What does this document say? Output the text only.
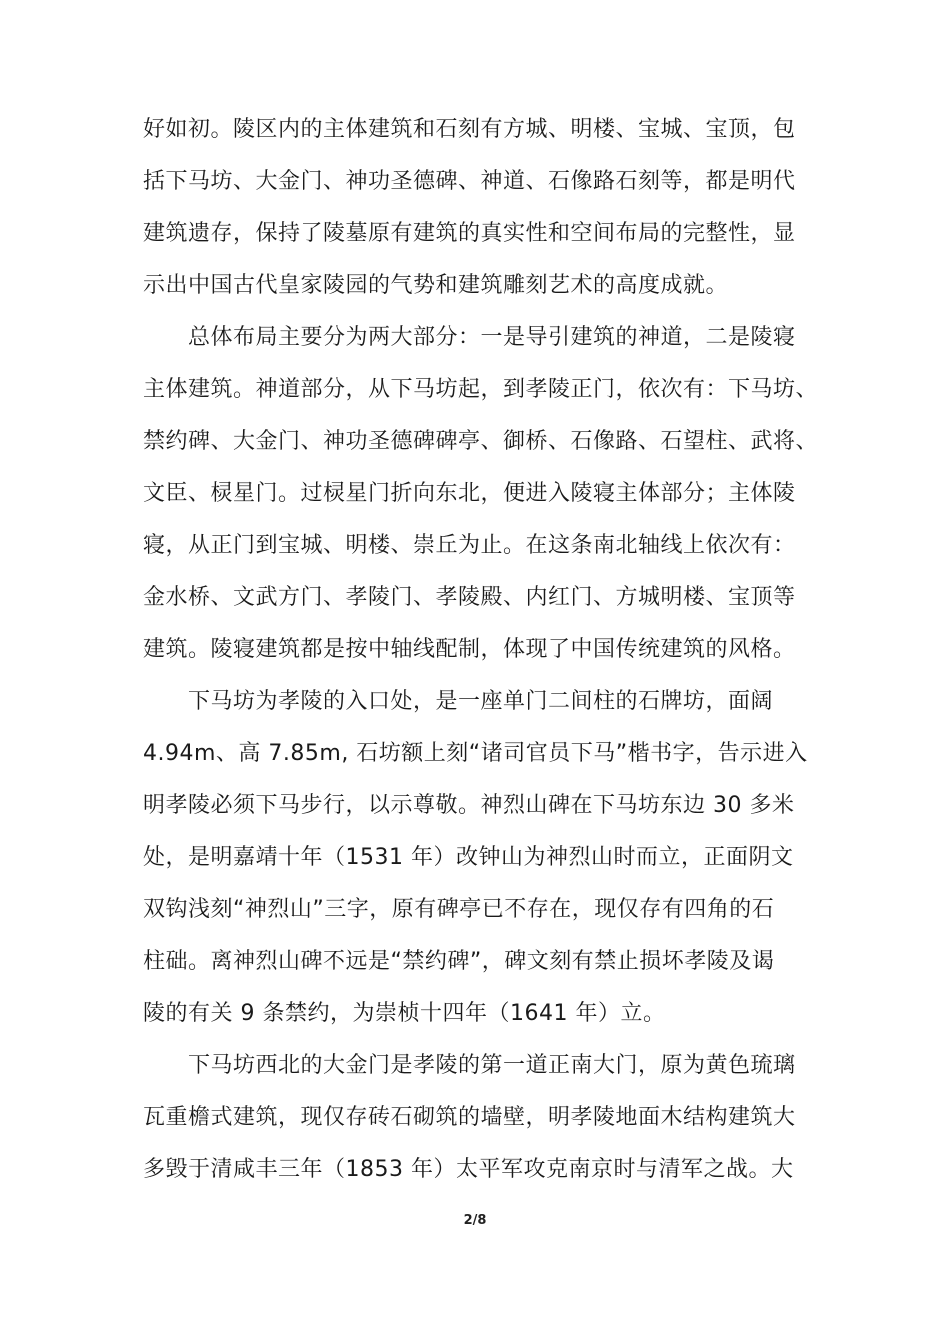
好如初。陵区内的主体建筑和石刻有方城、明楼、宝城、宝顶，包
括下马坊、大金门、神功圣德碑、神道、石像路石刻等，都是明代
建筑遗存，保持了陵墓原有建筑的真实性和空间布局的完整性，显
示出中国古代皇家陵园的气势和建筑雕刻艺术的高度成就。
总体布局主要分为两大部分：一是导引建筑的神道，二是陵寝
主体建筑。神道部分，从下马坊起，到孝陵正门，依次有：下马坊、
禁约碑、大金门、神功圣德碑碑亭、御桥、石像路、石望柱、武将、
文臣、棂星门。过棂星门折向东北，便进入陵寝主体部分；主体陵
寝，从正门到宝城、明楼、崇丘为止。在这条南北轴线上依次有：
金水桥、文武方门、孝陵门、孝陵殿、内红门、方城明楼、宝顶等
建筑。陵寝建筑都是按中轴线配制，体现了中国传统建筑的风格。
下马坊为孝陵的入口处，是一座单门二间柱的石牌坊，面阔
4.94m、高 7.85m, 石坊额上刻“诸司官员下马”楷书字，告示进入
明孝陵必须下马步行，以示尊敬。神烈山碑在下马坊东边 30 多米
处，是明嘉靖十年（1531 年）改钟山为神烈山时而立，正面阴文
双钩浅刻“神烈山”三字，原有碑亭已不存在，现仅存有四角的石
柱础。离神烈山碑不远是“禁约碑”，碑文刻有禁止损坏孝陵及谒
陵的有关 9 条禁约，为崇桢十四年（1641 年）立。
下马坊西北的大金门是孝陵的第一道正南大门，原为黄色琉璃
瓦重檐式建筑，现仅存砖石砌筑的墙壁，明孝陵地面木结构建筑大
多毁于清咸丰三年（1853 年）太平军攻克南京时与清军之战。大
2/8
